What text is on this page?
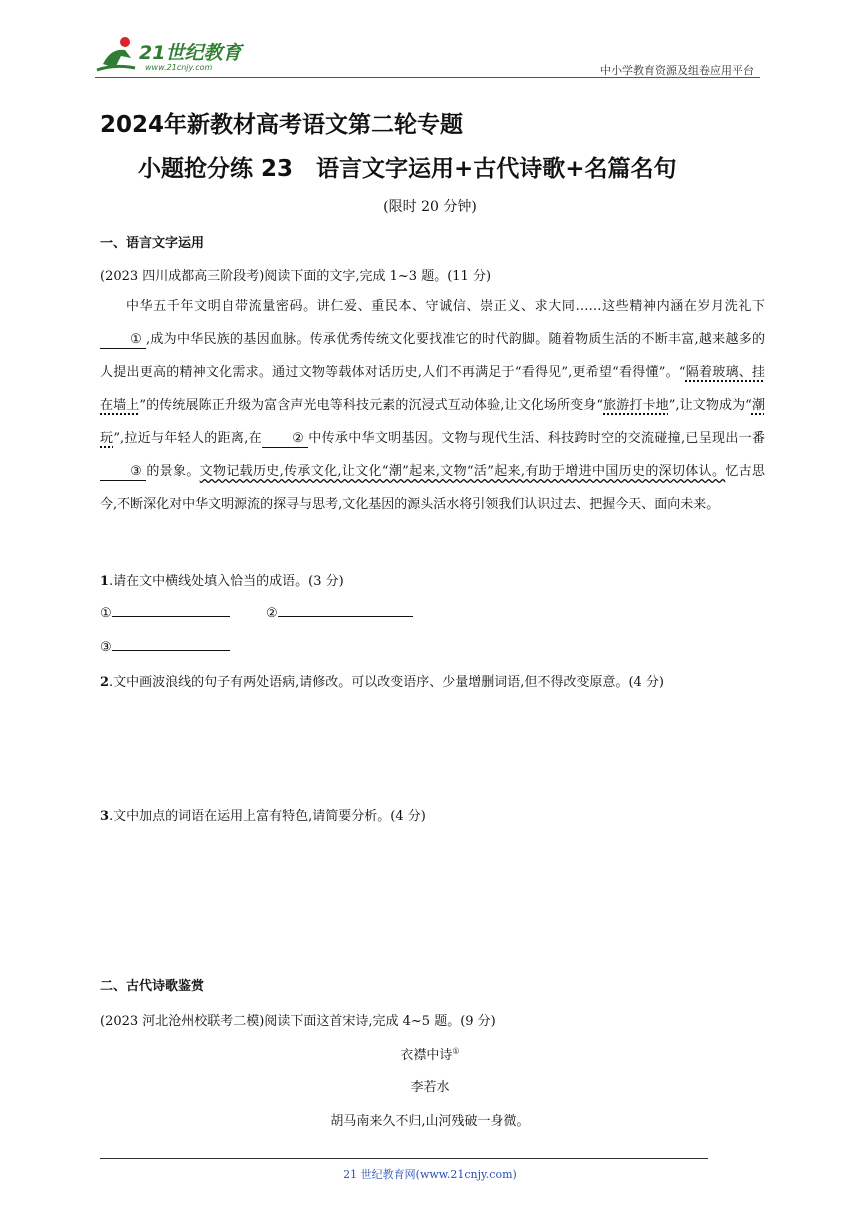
21世纪教育
www.21cnjy.com	中小学教育资源及组卷应用平台
2024年新教材高考语文第二轮专题
小题抢分练 23　语言文字运用+古代诗歌+名篇名句
(限时 20 分钟)
一、语言文字运用
(2023 四川成都高三阶段考)阅读下面的文字,完成 1~3 题。(11 分)

中华五千年文明自带流量密码。讲仁爱、重民本、守诚信、崇正义、求大同……这些精神内涵在岁月洗礼下① ,成为中华民族的基因血脉。传承优秀传统文化要找准它的时代韵脚。随着物质生活的不断丰富,越来越多的人提出更高的精神文化需求。通过文物等载体对话历史,人们不再满足于“看得见”,更希望“看得懂”。“隔着玻璃、挂在墙上”的传统展陈正升级为富含声光电等科技元素的沉浸式互动体验,让文化场所变身“旅游打卡地”,让文物成为“潮玩”,拉近与年轻人的距离,在 ② 中传承中华文明基因。文物与现代生活、科技跨时空的交流碰撞,已呈现出一番③ 的景象。文物记载历史,传承文化,让文化“潮”起来,文物“活”起来,有助于增进中国历史的深切体认。忆古思今,不断深化对中华文明源流的探寻与思考,文化基因的源头活水将引领我们认识过去、把握今天、面向未来。

1.请在文中横线处填入恰当的成语。(3 分)
①	②
③
2.文中画波浪线的句子有两处语病,请修改。可以改变语序、少量增删词语,但不得改变原意。(4 分)
3.文中加点的词语在运用上富有特色,请简要分析。(4 分)
二、古代诗歌鉴赏
(2023 河北沧州校联考二模)阅读下面这首宋诗,完成 4~5 题。(9 分)
衣襟中诗①
李若水
胡马南来久不归,山河残破一身微。
21 世纪教育网(www.21cnjy.com)
